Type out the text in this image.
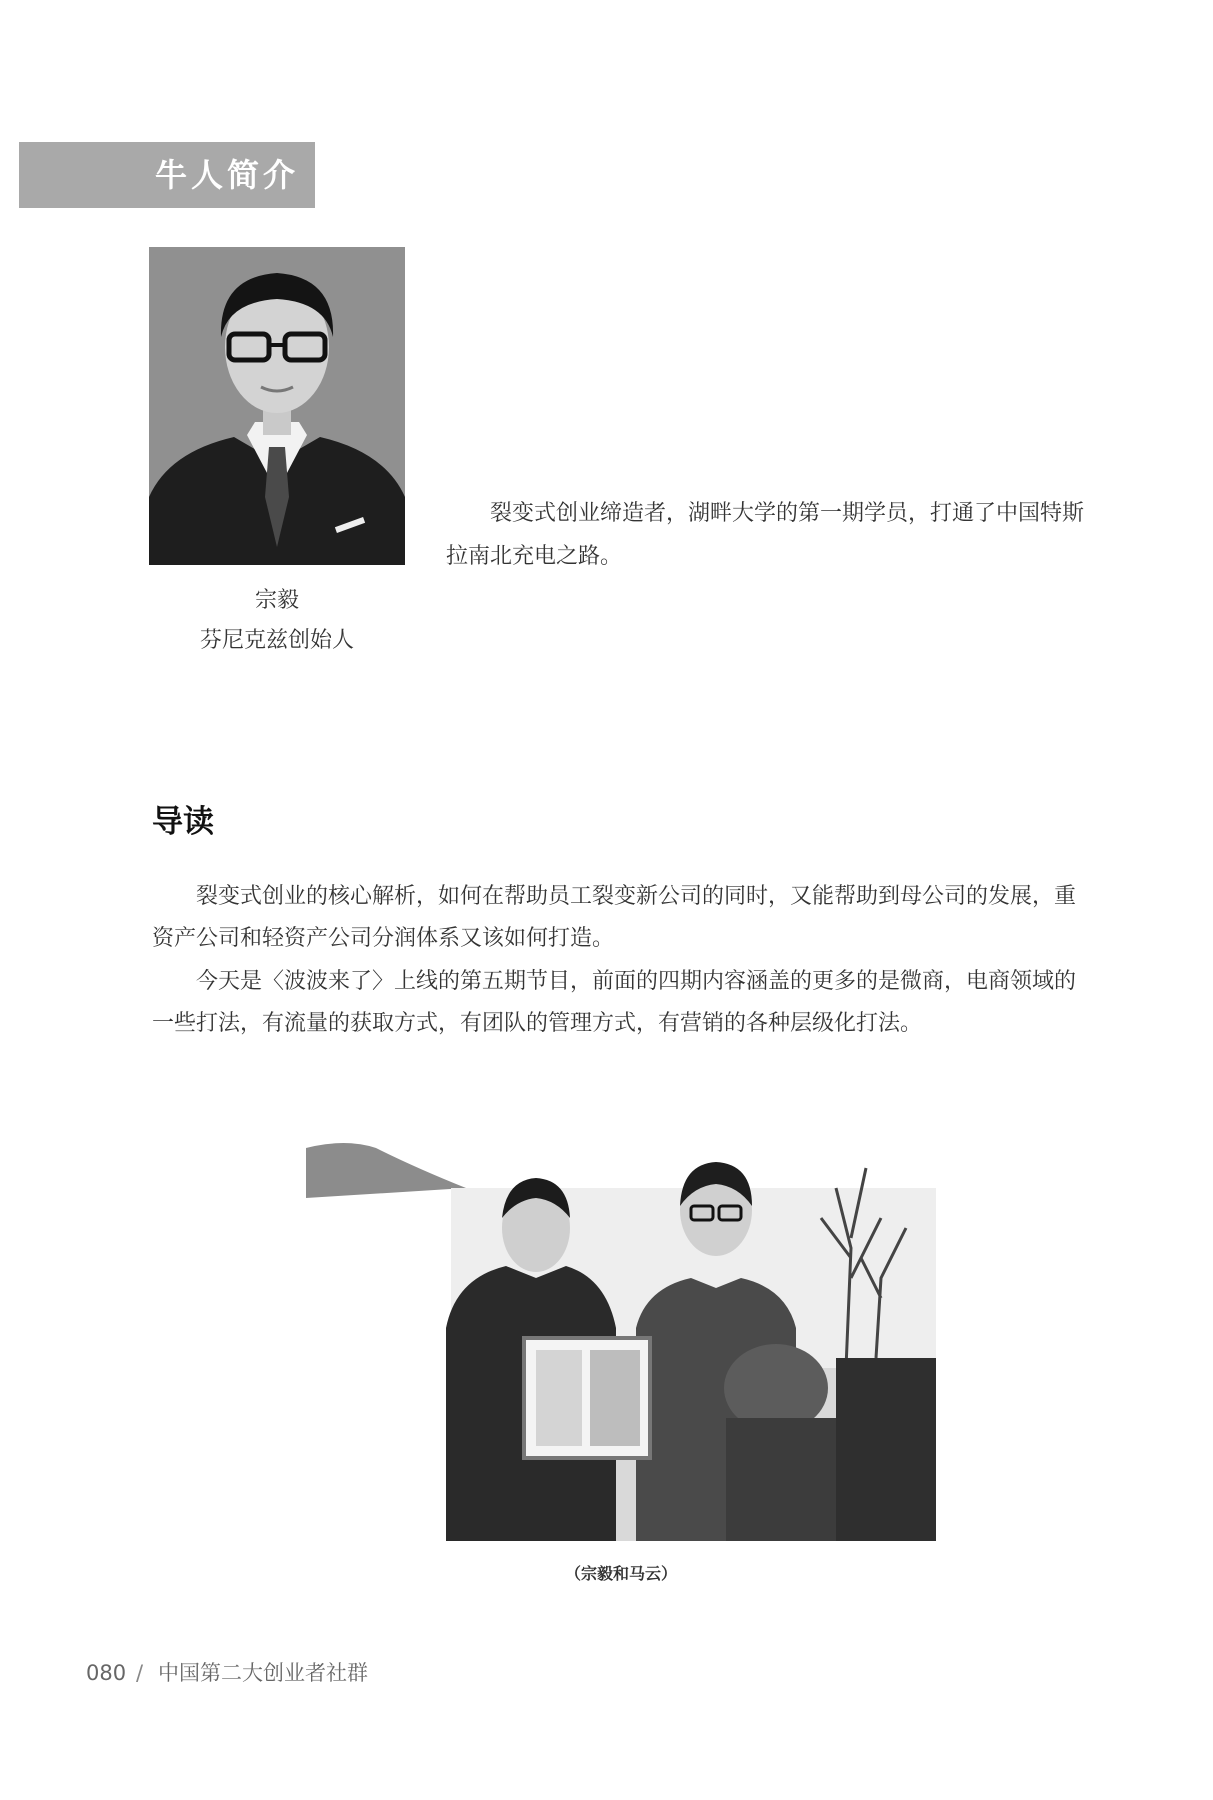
牛人简介
宗毅
芬尼克兹创始人
裂变式创业缔造者，湖畔大学的第一期学员，打通了中国特斯拉南北充电之路。
导读

裂变式创业的核心解析，如何在帮助员工裂变新公司的同时，又能帮助到母公司的发展，重资产公司和轻资产公司分润体系又该如何打造。

今天是〈波波来了〉上线的第五期节目，前面的四期内容涵盖的更多的是微商，电商领域的一些打法，有流量的获取方式，有团队的管理方式，有营销的各种层级化打法。

（宗毅和马云）
080 / 中国第二大创业者社群
